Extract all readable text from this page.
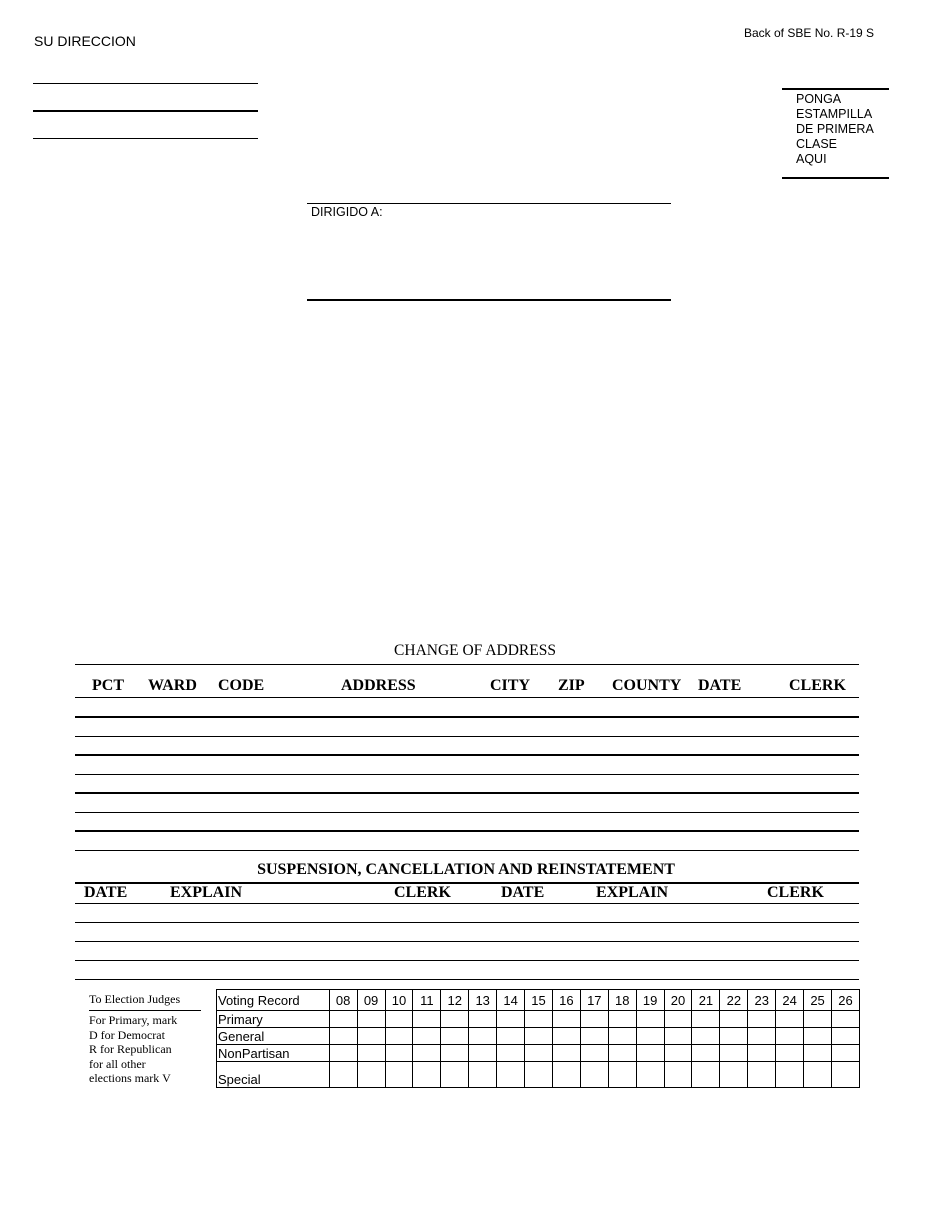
SU DIRECCION	Back of SBE No. R-19 S
PONGA
ESTAMPILLA
DE PRIMERA
CLASE
AQUI
DIRIGIDO A:
CHANGE OF ADDRESS
PCT WARD CODE	ADDRESS	CITY ZIP COUNTY DATE	CLERK
SUSPENSION, CANCELLATION AND REINSTATEMENT
DATE	EXPLAIN	CLERK	DATE	EXPLAIN	CLERK
To Election Judges
For Primary, mark
D for Democrat
R for Republican
for all other
elections mark V
Voting Record	08	09	10	11	12	13	14	15	16	17	18	19	20	21	22	23	24	25	26
Primary																			
General																			
NonPartisan																			
Special																			
